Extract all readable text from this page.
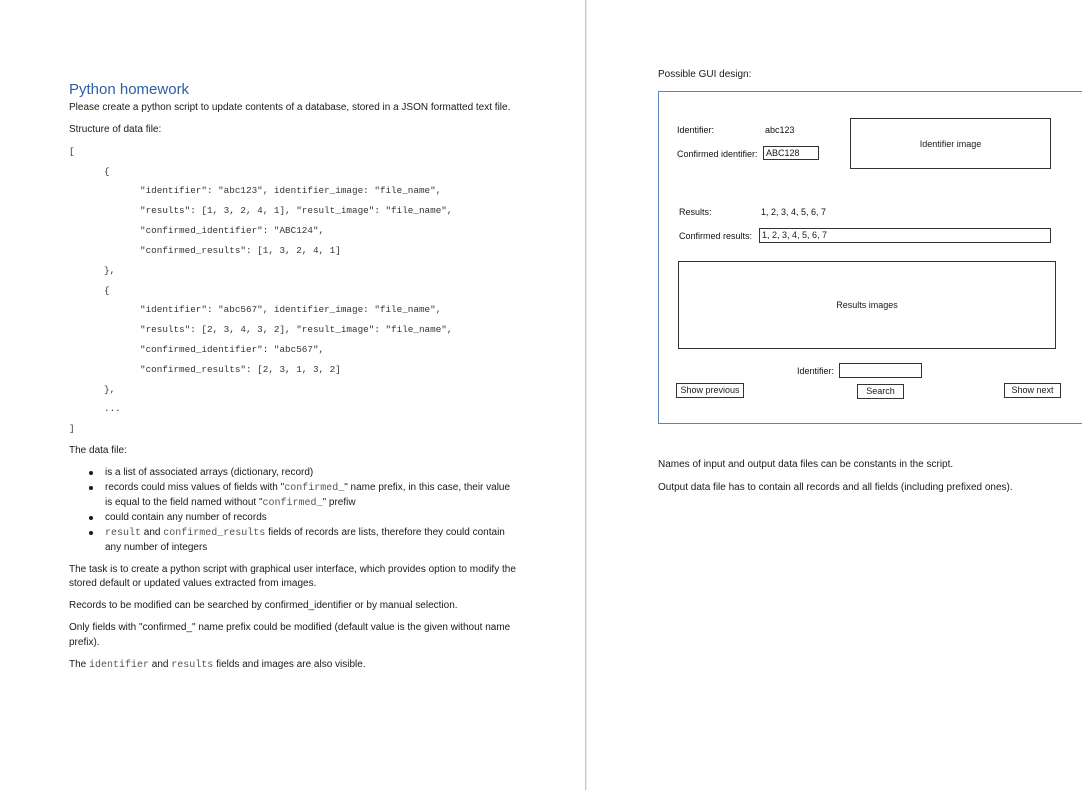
Python homework
Please create a python script to update contents of a database, stored in a JSON formatted text file.
Structure of data file:
[
{
"identifier": "abc123", identifier_image: "file_name",
"results": [1, 3, 2, 4, 1], "result_image": "file_name",
"confirmed_identifier": "ABC124",
"confirmed_results": [1, 3, 2, 4, 1]
},
{
"identifier": "abc567", identifier_image: "file_name",
"results": [2, 3, 4, 3, 2], "result_image": "file_name",
"confirmed_identifier": "abc567",
"confirmed_results": [2, 3, 1, 3, 2]
},
...
]
The data file:
is a list of associated arrays (dictionary, record)
records could miss values of fields with "confirmed_" name prefix, in this case, their value
is equal to the field named without "confirmed_" prefiw
could contain any number of records
result and confirmed_results fields of records are lists, therefore they could contain
any number of integers
The task is to create a python script with graphical user interface, which provides option to modify the
stored default or updated values extracted from images.
Records to be modified can be searched by confirmed_identifier or by manual selection.
Only fields with "confirmed_" name prefix could be modified (default value is the given without name
prefix).
The identifier and results fields and images are also visible.
Possible GUI design:
Identifier:	abc123
Confirmed identifier: ABC128
Identifier image
Results:	1, 2, 3, 4, 5, 6, 7
Confirmed results:	1, 2, 3, 4, 5, 6, 7
Results images
Identifier:
Show previous	Search	Show next
Names of input and output data files can be constants in the script.
Output data file has to contain all records and all fields (including prefixed ones).
